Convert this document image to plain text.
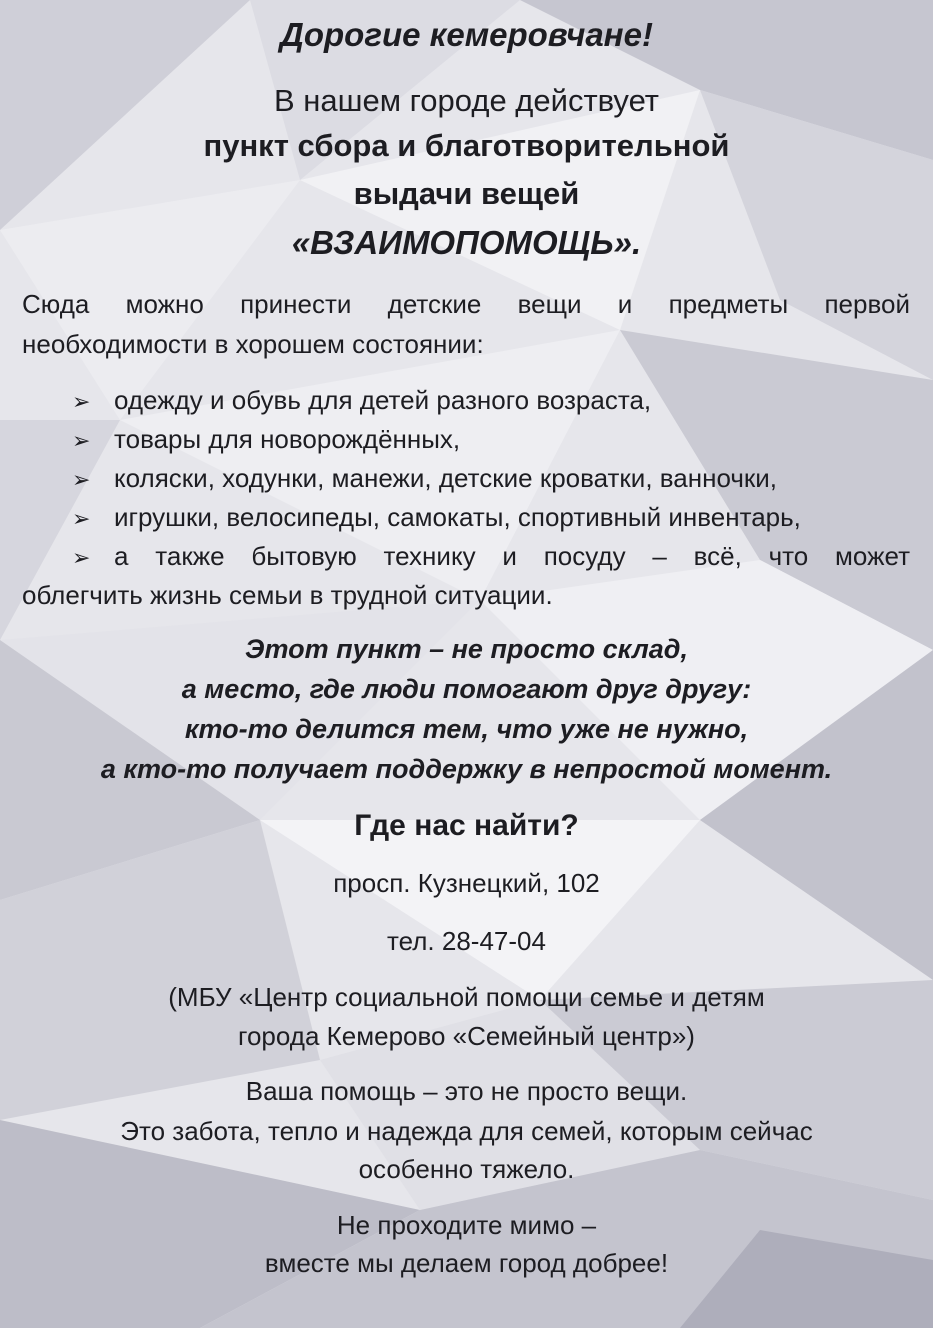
Дорогие кемеровчане!
В нашем городе действует
пункт сбора и благотворительной
выдачи вещей
«ВЗАИМОПОМОЩЬ».
Сюда можно принести детские вещи и предметы первой
необходимости в хорошем состоянии:
➢ одежду и обувь для детей разного возраста,
➢ товары для новорождённых,
➢ коляски, ходунки, манежи, детские кроватки, ванночки,
➢ игрушки, велосипеды, самокаты, спортивный инвентарь,
➢ а также бытовую технику и посуду – всё, что может
облегчить жизнь семьи в трудной ситуации.
Этот пункт – не просто склад,
а место, где люди помогают друг другу:
кто-то делится тем, что уже не нужно,
а кто-то получает поддержку в непростой момент.
Где нас найти?
просп. Кузнецкий, 102
тел. 28-47-04
(МБУ «Центр социальной помощи семье и детям
города Кемерово «Семейный центр»)
Ваша помощь – это не просто вещи.
Это забота, тепло и надежда для семей, которым сейчас
особенно тяжело.
Не проходите мимо –
вместе мы делаем город добрее!
